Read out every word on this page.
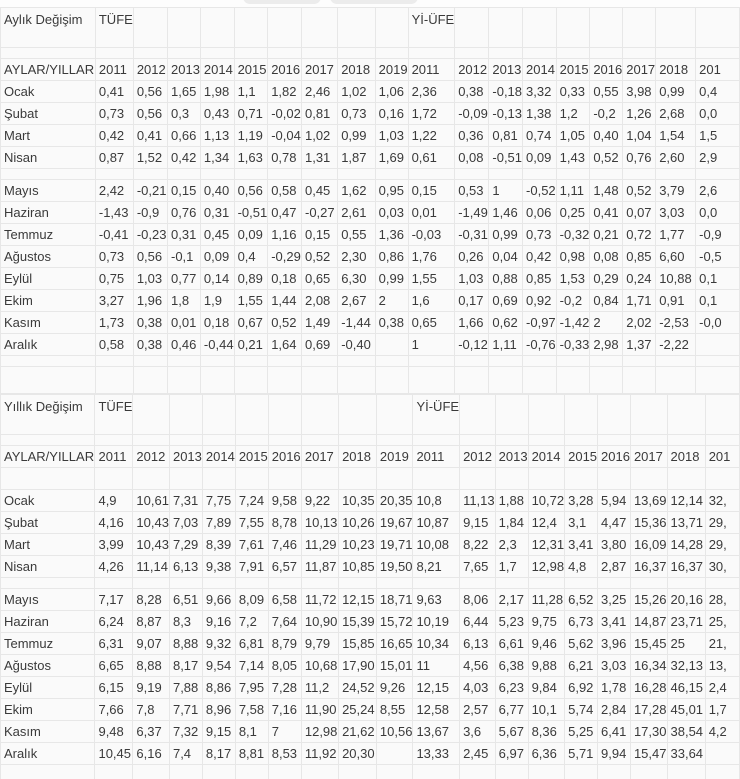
Aylık Değişim	TÜFE									Yİ-ÜFE								

AYLAR/YILLAR	2011	2012	2013	2014	2015	2016	2017	2018	2019	2011	2012	2013	2014	2015	2016	2017	2018	201
Ocak	0,41	0,56	1,65	1,98	1,1	1,82	2,46	1,02	1,06	2,36	0,38	-0,18	3,32	0,33	0,55	3,98	0,99	0,4
Şubat	0,73	0,56	0,3	0,43	0,71	-0,02	0,81	0,73	0,16	1,72	-0,09	-0,13	1,38	1,2	-0,2	1,26	2,68	0,0
Mart	0,42	0,41	0,66	1,13	1,19	-0,04	1,02	0,99	1,03	1,22	0,36	0,81	0,74	1,05	0,40	1,04	1,54	1,5
Nisan	0,87	1,52	0,42	1,34	1,63	0,78	1,31	1,87	1,69	0,61	0,08	-0,51	0,09	1,43	0,52	0,76	2,60	2,9

Mayıs	2,42	-0,21	0,15	0,40	0,56	0,58	0,45	1,62	0,95	0,15	0,53	1	-0,52	1,11	1,48	0,52	3,79	2,6
Haziran	-1,43	-0,9	0,76	0,31	-0,51	0,47	-0,27	2,61	0,03	0,01	-1,49	1,46	0,06	0,25	0,41	0,07	3,03	0,0
Temmuz	-0,41	-0,23	0,31	0,45	0,09	1,16	0,15	0,55	1,36	-0,03	-0,31	0,99	0,73	-0,32	0,21	0,72	1,77	-0,9
Ağustos	0,73	0,56	-0,1	0,09	0,4	-0,29	0,52	2,30	0,86	1,76	0,26	0,04	0,42	0,98	0,08	0,85	6,60	-0,5
Eylül	0,75	1,03	0,77	0,14	0,89	0,18	0,65	6,30	0,99	1,55	1,03	0,88	0,85	1,53	0,29	0,24	10,88	0,1
Ekim	3,27	1,96	1,8	1,9	1,55	1,44	2,08	2,67	2	1,6	0,17	0,69	0,92	-0,2	0,84	1,71	0,91	0,1
Kasım	1,73	0,38	0,01	0,18	0,67	0,52	1,49	-1,44	0,38	0,65	1,66	0,62	-0,97	-1,42	2	2,02	-2,53	-0,0
Aralık	0,58	0,38	0,46	-0,44	0,21	1,64	0,69	-0,40		1	-0,12	1,11	-0,76	-0,33	2,98	1,37	-2,22	

Yıllık Değişim	TÜFE									Yİ-ÜFE								

AYLAR/YILLAR	2011	2012	2013	2014	2015	2016	2017	2018	2019	2011	2012	2013	2014	2015	2016	2017	2018	201

Ocak	4,9	10,61	7,31	7,75	7,24	9,58	9,22	10,35	20,35	10,8	11,13	1,88	10,72	3,28	5,94	13,69	12,14	32,
Şubat	4,16	10,43	7,03	7,89	7,55	8,78	10,13	10,26	19,67	10,87	9,15	1,84	12,4	3,1	4,47	15,36	13,71	29,
Mart	3,99	10,43	7,29	8,39	7,61	7,46	11,29	10,23	19,71	10,08	8,22	2,3	12,31	3,41	3,80	16,09	14,28	29,
Nisan	4,26	11,14	6,13	9,38	7,91	6,57	11,87	10,85	19,50	8,21	7,65	1,7	12,98	4,8	2,87	16,37	16,37	30,

Mayıs	7,17	8,28	6,51	9,66	8,09	6,58	11,72	12,15	18,71	9,63	8,06	2,17	11,28	6,52	3,25	15,26	20,16	28,
Haziran	6,24	8,87	8,3	9,16	7,2	7,64	10,90	15,39	15,72	10,19	6,44	5,23	9,75	6,73	3,41	14,87	23,71	25,
Temmuz	6,31	9,07	8,88	9,32	6,81	8,79	9,79	15,85	16,65	10,34	6,13	6,61	9,46	5,62	3,96	15,45	25	21,
Ağustos	6,65	8,88	8,17	9,54	7,14	8,05	10,68	17,90	15,01	11	4,56	6,38	9,88	6,21	3,03	16,34	32,13	13,
Eylül	6,15	9,19	7,88	8,86	7,95	7,28	11,2	24,52	9,26	12,15	4,03	6,23	9,84	6,92	1,78	16,28	46,15	2,4
Ekim	7,66	7,8	7,71	8,96	7,58	7,16	11,90	25,24	8,55	12,58	2,57	6,77	10,1	5,74	2,84	17,28	45,01	1,7
Kasım	9,48	6,37	7,32	9,15	8,1	7	12,98	21,62	10,56	13,67	3,6	5,67	8,36	5,25	6,41	17,30	38,54	4,2
Aralık	10,45	6,16	7,4	8,17	8,81	8,53	11,92	20,30		13,33	2,45	6,97	6,36	5,71	9,94	15,47	33,64	
